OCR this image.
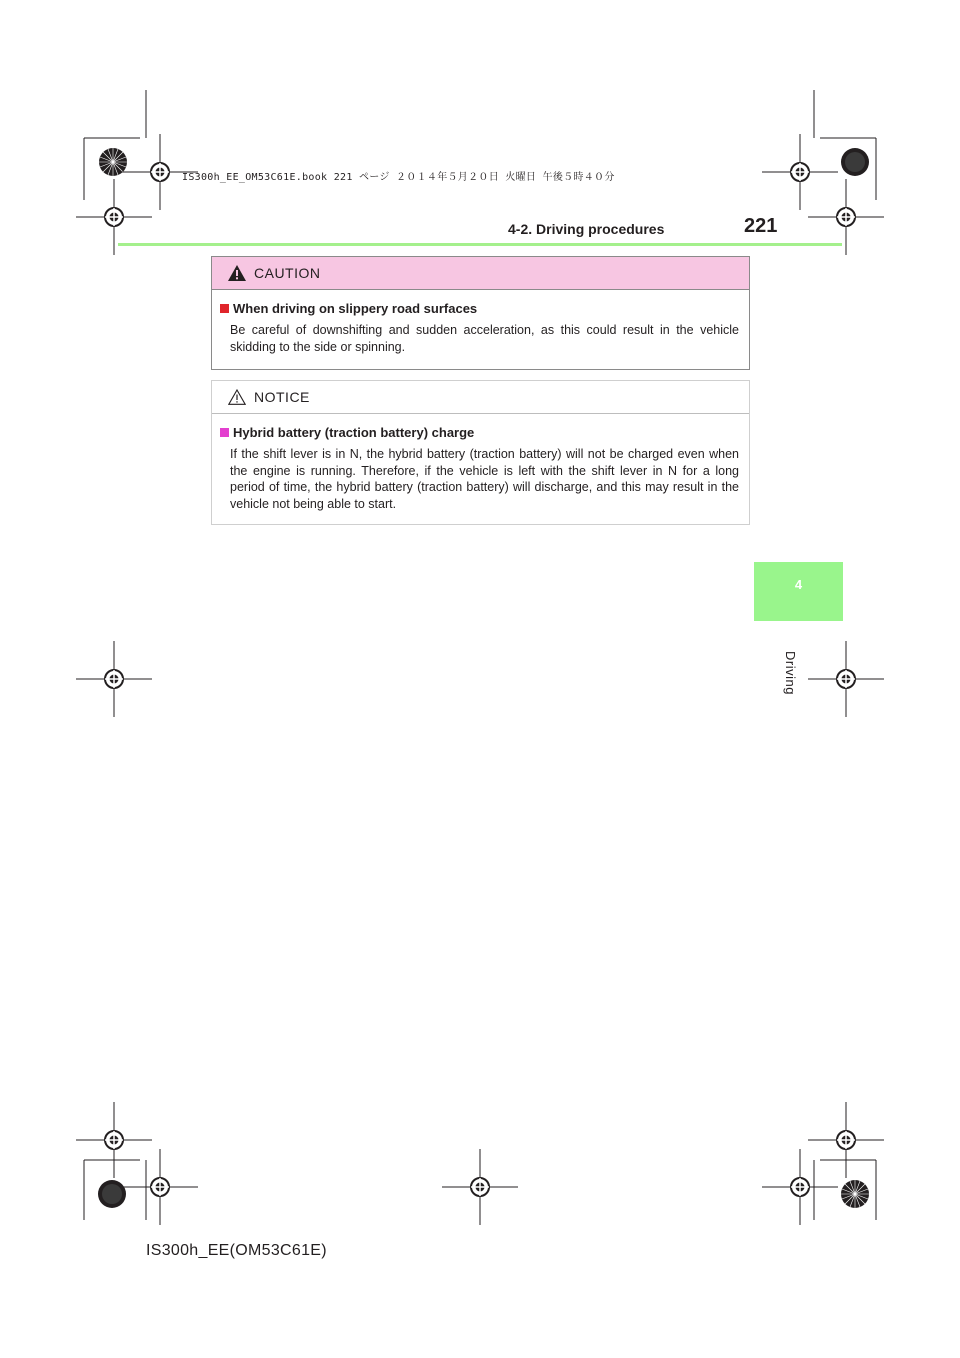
IS300h_EE_OM53C61E.book 221 ページ ２０１４年５月２０日 火曜日 午後５時４０分
4-2. Driving procedures	221
4
Driving
CAUTION
When driving on slippery road surfaces
Be careful of downshifting and sudden acceleration, as this could result in the vehicle skidding to the side or spinning.
NOTICE
Hybrid battery (traction battery) charge
If the shift lever is in N, the hybrid battery (traction battery) will not be charged even when the engine is running. Therefore, if the vehicle is left with the shift lever in N for a long period of time, the hybrid battery (traction battery) will discharge, and this may result in the vehicle not being able to start.
IS300h_EE(OM53C61E)
